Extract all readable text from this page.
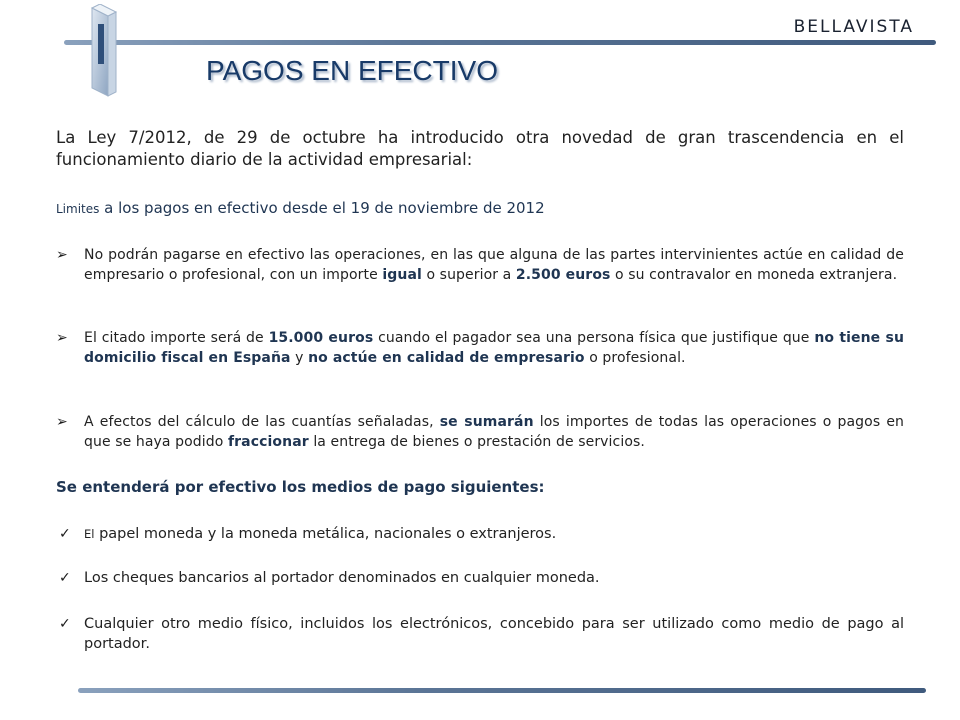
BELLAVISTA
PAGOS EN EFECTIVO

La Ley 7/2012, de 29 de octubre ha introducido otra novedad de gran trascendencia en el funcionamiento diario de la actividad empresarial:

Limites a los pagos en efectivo desde el 19 de noviembre de 2012

➢	No podrán pagarse en efectivo las operaciones, en las que alguna de las partes intervinientes actúe en calidad de empresario o profesional, con un importe igual o superior a 2.500 euros o su contravalor en moneda extranjera.

➢	El citado importe será de 15.000 euros cuando el pagador sea una persona física que justifique que no tiene su domicilio fiscal en España y no actúe en calidad de empresario o profesional.

➢	A efectos del cálculo de las cuantías señaladas, se sumarán los importes de todas las operaciones o pagos en que se haya podido fraccionar la entrega de bienes o prestación de servicios.

Se entenderá por efectivo los medios de pago siguientes:

✓ El papel moneda y la moneda metálica, nacionales o extranjeros.

✓ Los cheques bancarios al portador denominados en cualquier moneda.

✓ Cualquier otro medio físico, incluidos los electrónicos, concebido para ser utilizado como medio de pago al portador.
